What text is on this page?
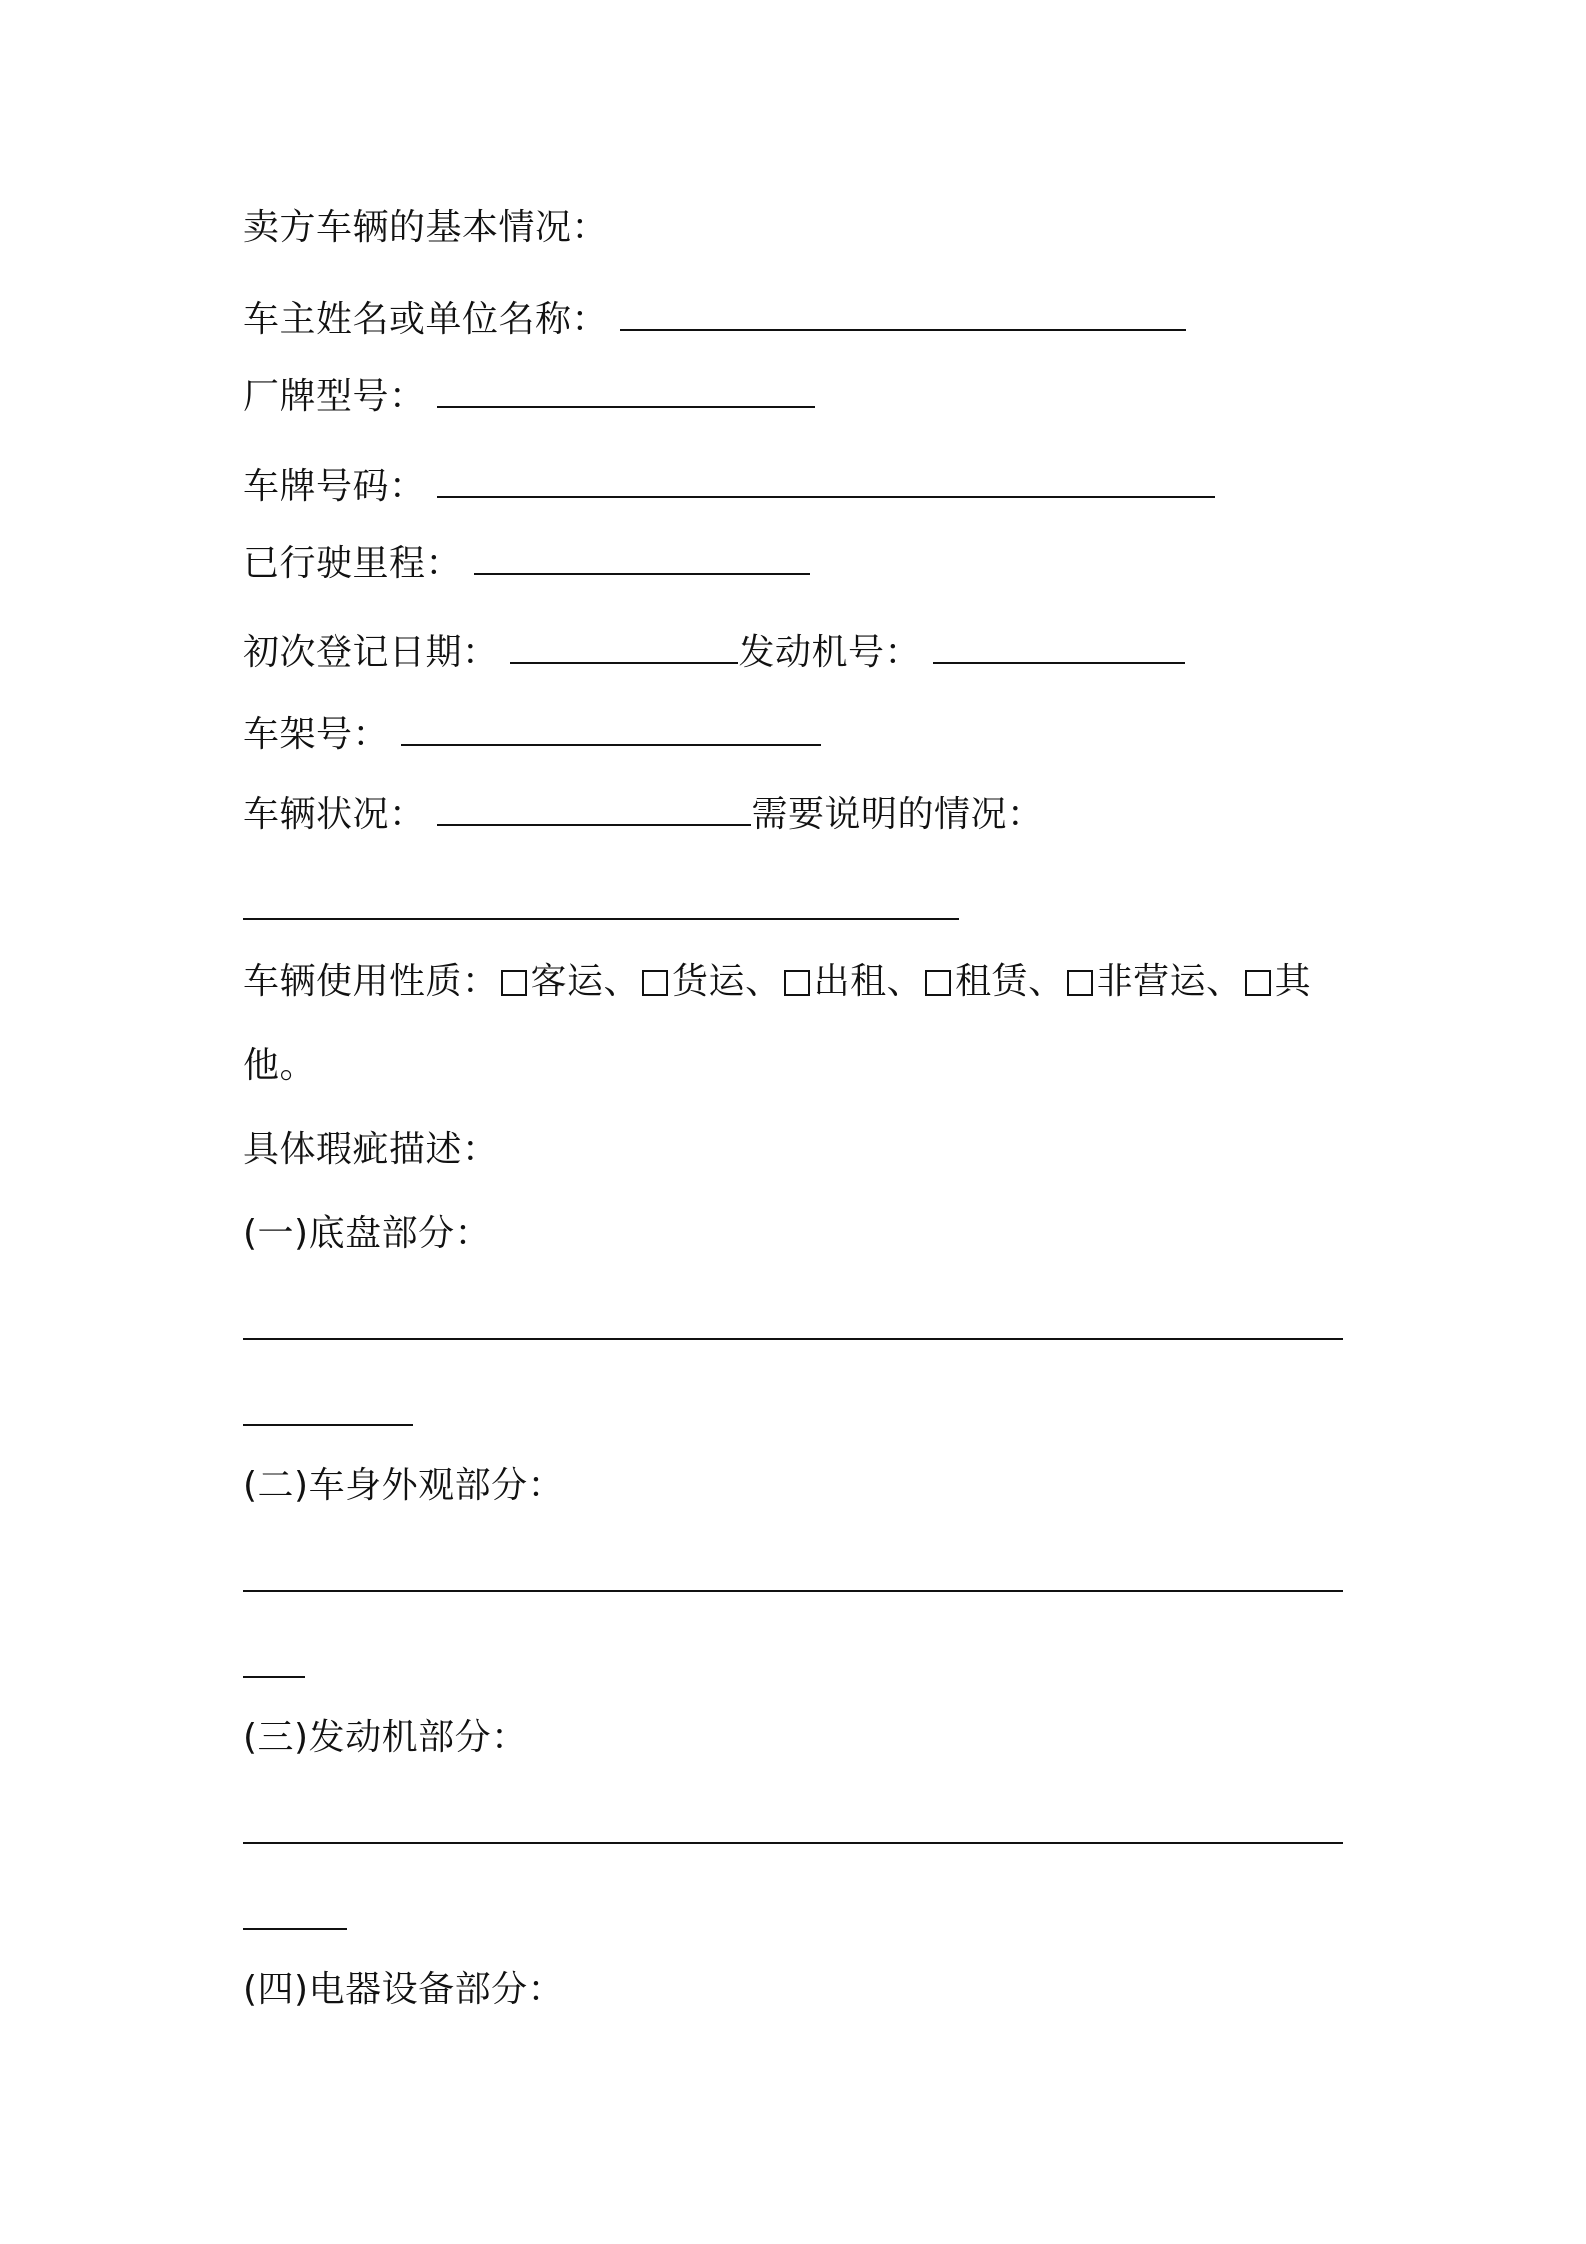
卖方车辆的基本情况：
车主姓名或单位名称：
厂牌型号：
车牌号码：
已行驶里程：
初次登记日期：	发动机号：
车架号：
车辆状况：	需要说明的情况：
车辆使用性质： 客运、 货运、 出租、 租赁、 非营运、 其
他。
具体瑕疵描述：
(一)底盘部分：
(二)车身外观部分：
(三)发动机部分：
(四)电器设备部分：
